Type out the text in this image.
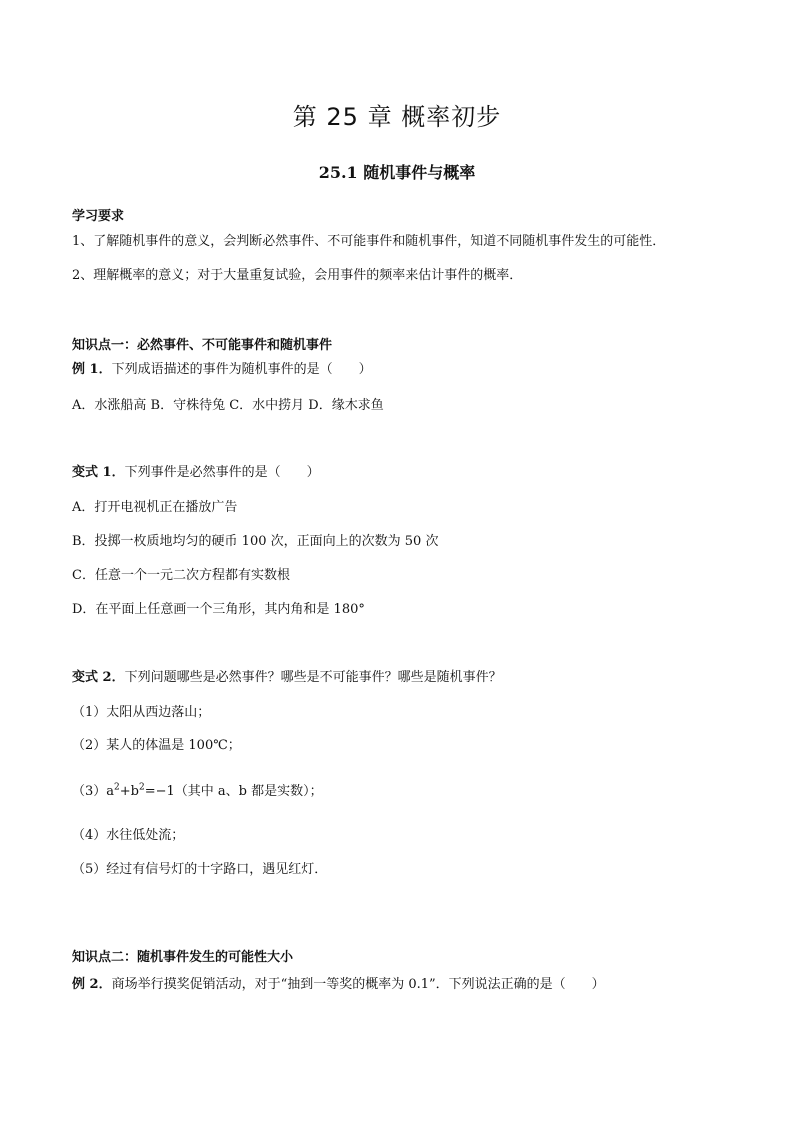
第 25 章 概率初步
25.1 随机事件与概率
学习要求
1、了解随机事件的意义，会判断必然事件、不可能事件和随机事件，知道不同随机事件发生的可能性．
2、理解概率的意义；对于大量重复试验，会用事件的频率来估计事件的概率．
知识点一：必然事件、不可能事件和随机事件
例 1．下列成语描述的事件为随机事件的是（　　）
A．水涨船高 B．守株待兔 C．水中捞月 D．缘木求鱼
变式 1．下列事件是必然事件的是（　　）
A．打开电视机正在播放广告
B．投掷一枚质地均匀的硬币 100 次，正面向上的次数为 50 次
C．任意一个一元二次方程都有实数根
D．在平面上任意画一个三角形，其内角和是 180°
变式 2．下列问题哪些是必然事件？哪些是不可能事件？哪些是随机事件？
（1）太阳从西边落山；
（2）某人的体温是 100℃；
$(3)a^2+b^2=-1$（其中 a、b 都是实数）；
（4）水往低处流；
（5）经过有信号灯的十字路口，遇见红灯．
知识点二：随机事件发生的可能性大小
例 2．商场举行摸奖促销活动，对于“抽到一等奖的概率为 0.1”．下列说法正确的是（　　）
